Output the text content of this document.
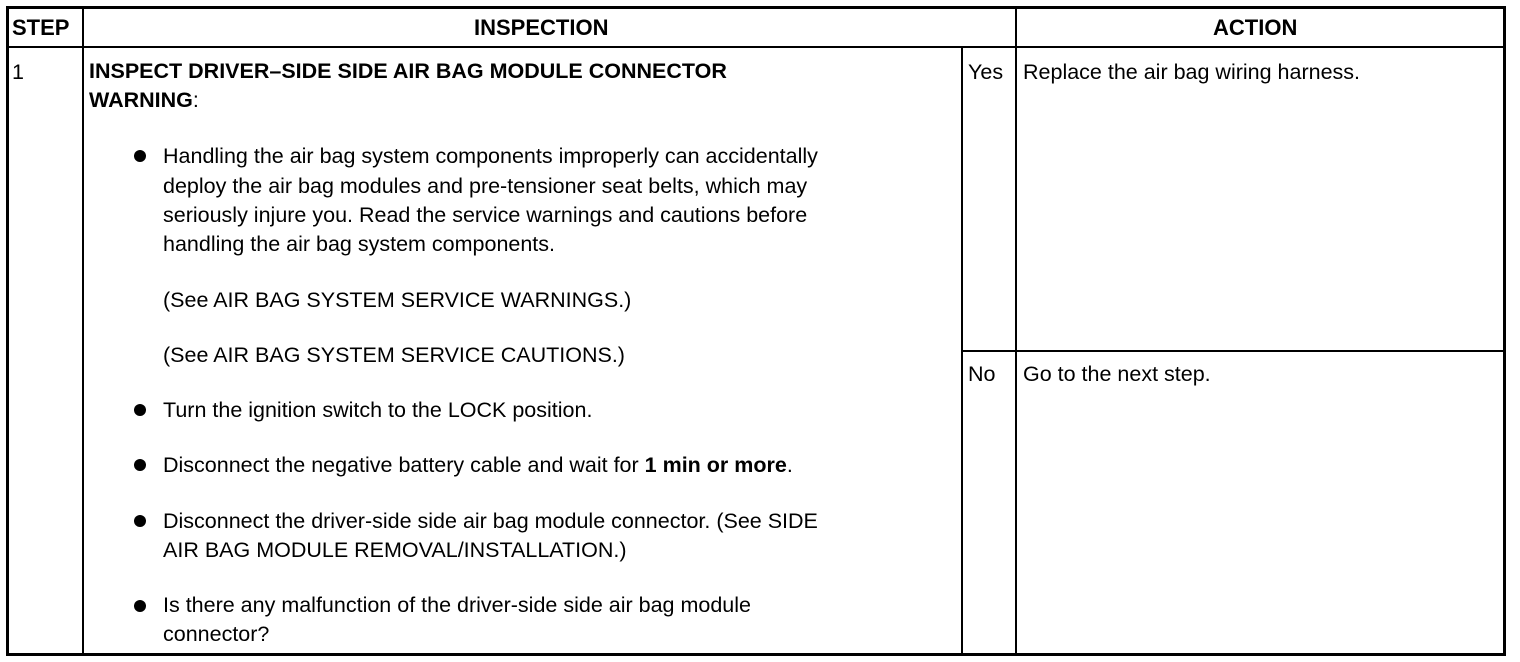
STEP	INSPECTION	ACTION
1	INSPECT DRIVER–SIDE SIDE AIR BAG MODULE CONNECTOR
WARNING:
Handling the air bag system components improperly can accidentally
deploy the air bag modules and pre-tensioner seat belts, which may
seriously injure you. Read the service warnings and cautions before
handling the air bag system components.
(See AIR BAG SYSTEM SERVICE WARNINGS.)
(See AIR BAG SYSTEM SERVICE CAUTIONS.)
Turn the ignition switch to the LOCK position.
Disconnect the negative battery cable and wait for 1 min or more.
Disconnect the driver-side side air bag module connector. (See SIDE
AIR BAG MODULE REMOVAL/INSTALLATION.)
Is there any malfunction of the driver-side side air bag module
connector?
Yes Replace the air bag wiring harness.
No Go to the next step.
